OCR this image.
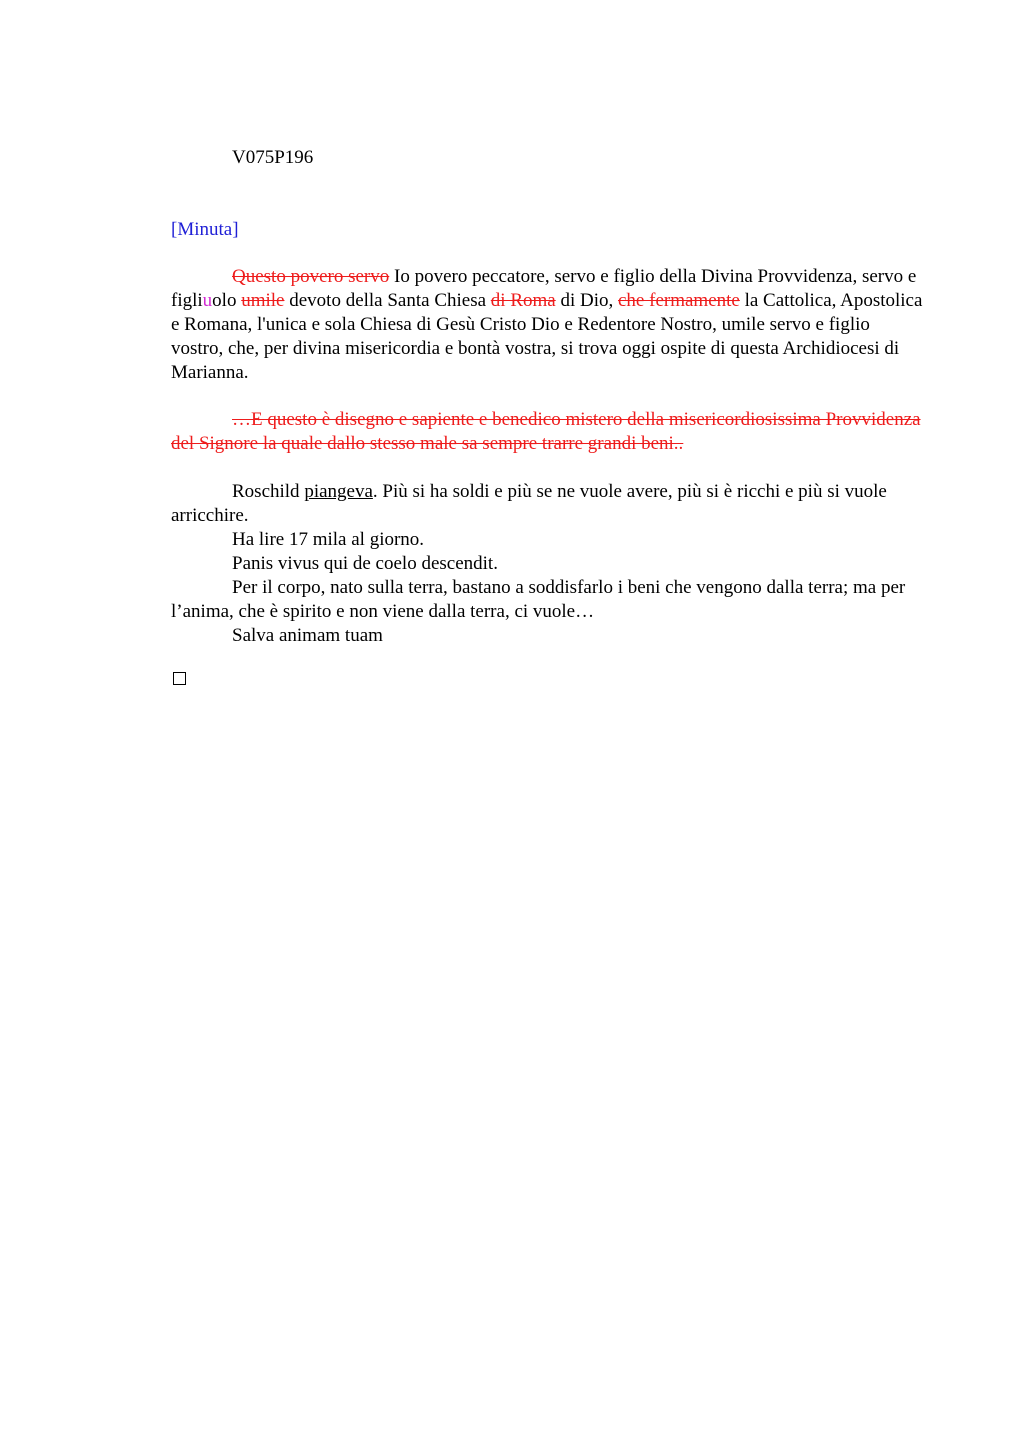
V075P196
[Minuta]
Questo povero servo Io povero peccatore, servo e figlio della Divina Provvidenza, servo e figliuolo umile devoto della Santa Chiesa di Roma di Dio, che fermamente la Cattolica, Apostolica e Romana, l'unica e sola Chiesa di Gesù Cristo Dio e Redentore Nostro, umile servo e figlio vostro, che, per divina misericordia e bontà vostra, si trova oggi ospite di questa Archidiocesi di Marianna.
…E questo è disegno e sapiente e benedico mistero della misericordiosissima Provvidenza del Signore la quale dallo stesso male sa sempre trarre grandi beni..
Roschild piangeva. Più si ha soldi e più se ne vuole avere, più si è ricchi e più si vuole arricchire.
Ha lire 17 mila al giorno.
Panis vivus qui de coelo descendit.
Per il corpo, nato sulla terra, bastano a soddisfarlo i beni che vengono dalla terra; ma per l’anima, che è spirito e non viene dalla terra, ci vuole…
Salva animam tuam
